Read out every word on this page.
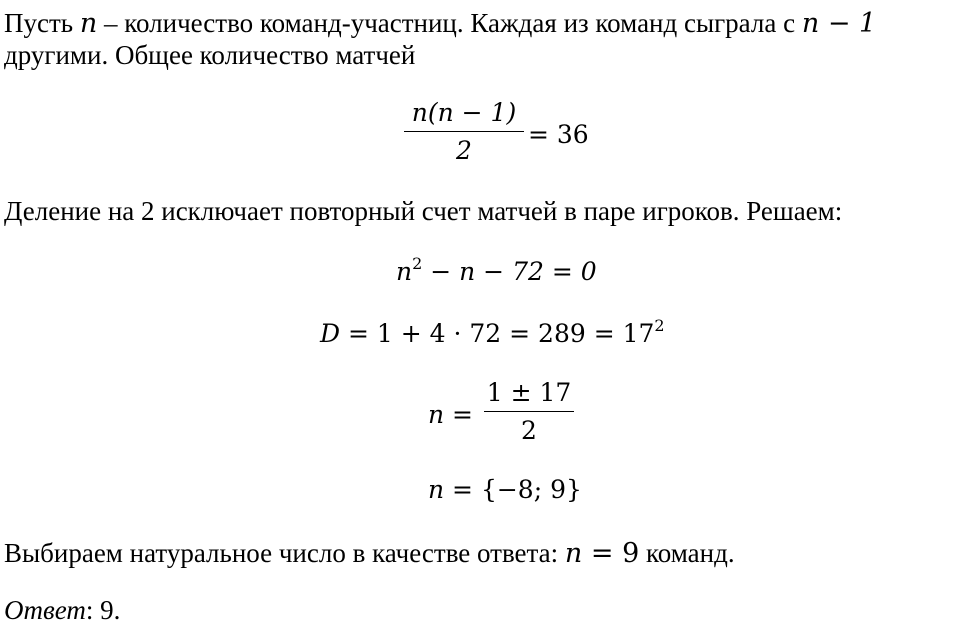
Пусть n – количество команд-участниц. Каждая из команд сыграла с n − 1
другими. Общее количество матчей
n(n − 1)
2
= 36
Деление на 2 исключает повторный счет матчей в паре игроков. Решаем:
$n^2 - n - 72 = 0$
$D = 1 + 4 \cdot 72 = 289 = 17^2$
n =
1 ± 17
2
n = {−8; 9}
Выбираем натуральное число в качестве ответа: n = 9 команд.
Ответ: 9.
